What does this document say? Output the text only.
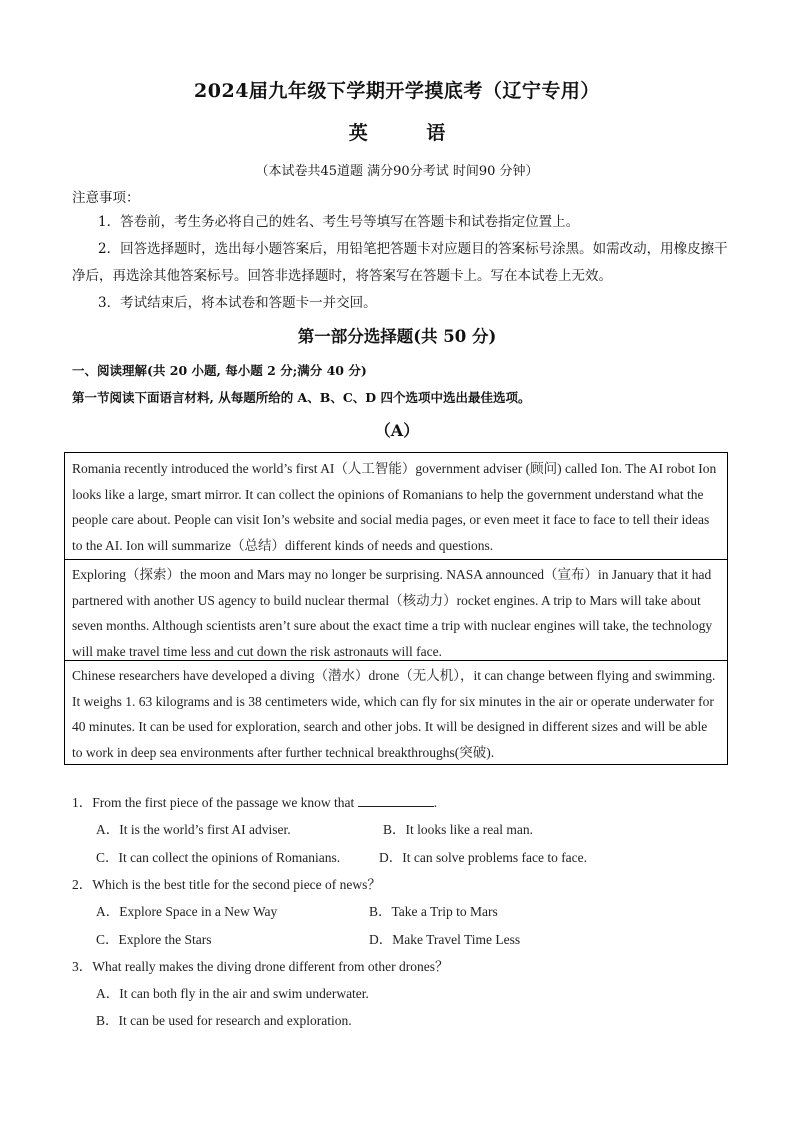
2024届九年级下学期开学摸底考（辽宁专用）
英 语
（本试卷共45道题 满分90分考试 时间90 分钟）
注意事项：
1．答卷前，考生务必将自己的姓名、考生号等填写在答题卡和试卷指定位置上。
2．回答选择题时，选出每小题答案后，用铅笔把答题卡对应题目的答案标号涂黑。如需改动，用橡皮擦干净后，再选涂其他答案标号。回答非选择题时，将答案写在答题卡上。写在本试卷上无效。
3．考试结束后，将本试卷和答题卡一并交回。
第一部分选择题(共 50 分)
一、阅读理解(共 20 小题, 每小题 2 分;满分 40 分)
第一节阅读下面语言材料, 从每题所给的 A、B、C、D 四个选项中选出最佳选项。
（A）
Romania recently introduced the world’s first AI（人工智能）government adviser (顾问) called Ion. The AI robot Ion looks like a large, smart mirror. It can collect the opinions of Romanians to help the government understand what the people care about. People can visit Ion’s website and social media pages, or even meet it face to face to tell their ideas to the AI. Ion will summarize（总结）different kinds of needs and questions.
Exploring（探索）the moon and Mars may no longer be surprising. NASA announced（宣布）in January that it had partnered with another US agency to build nuclear thermal（核动力）rocket engines. A trip to Mars will take about seven months. Although scientists aren’t sure about the exact time a trip with nuclear engines will take, the technology will make travel time less and cut down the risk astronauts will face.
Chinese researchers have developed a diving（潜水）drone（无人机），it can change between flying and swimming. It weighs 1. 63 kilograms and is 38 centimeters wide, which can fly for six minutes in the air or operate underwater for 40 minutes. It can be used for exploration, search and other jobs. It will be designed in different sizes and will be able to work in deep sea environments after further technical breakthroughs(突破).
1．From the first piece of the passage we know that	.
A．It is the world’s first AI adviser.	B．It looks like a real man.
C．It can collect the opinions of Romanians.	D．It can solve problems face to face.
2．Which is the best title for the second piece of news？
A．Explore Space in a New Way	B．Take a Trip to Mars
C．Explore the Stars	D．Make Travel Time Less
3．What really makes the diving drone different from other drones？
A．It can both fly in the air and swim underwater.
B．It can be used for research and exploration.
